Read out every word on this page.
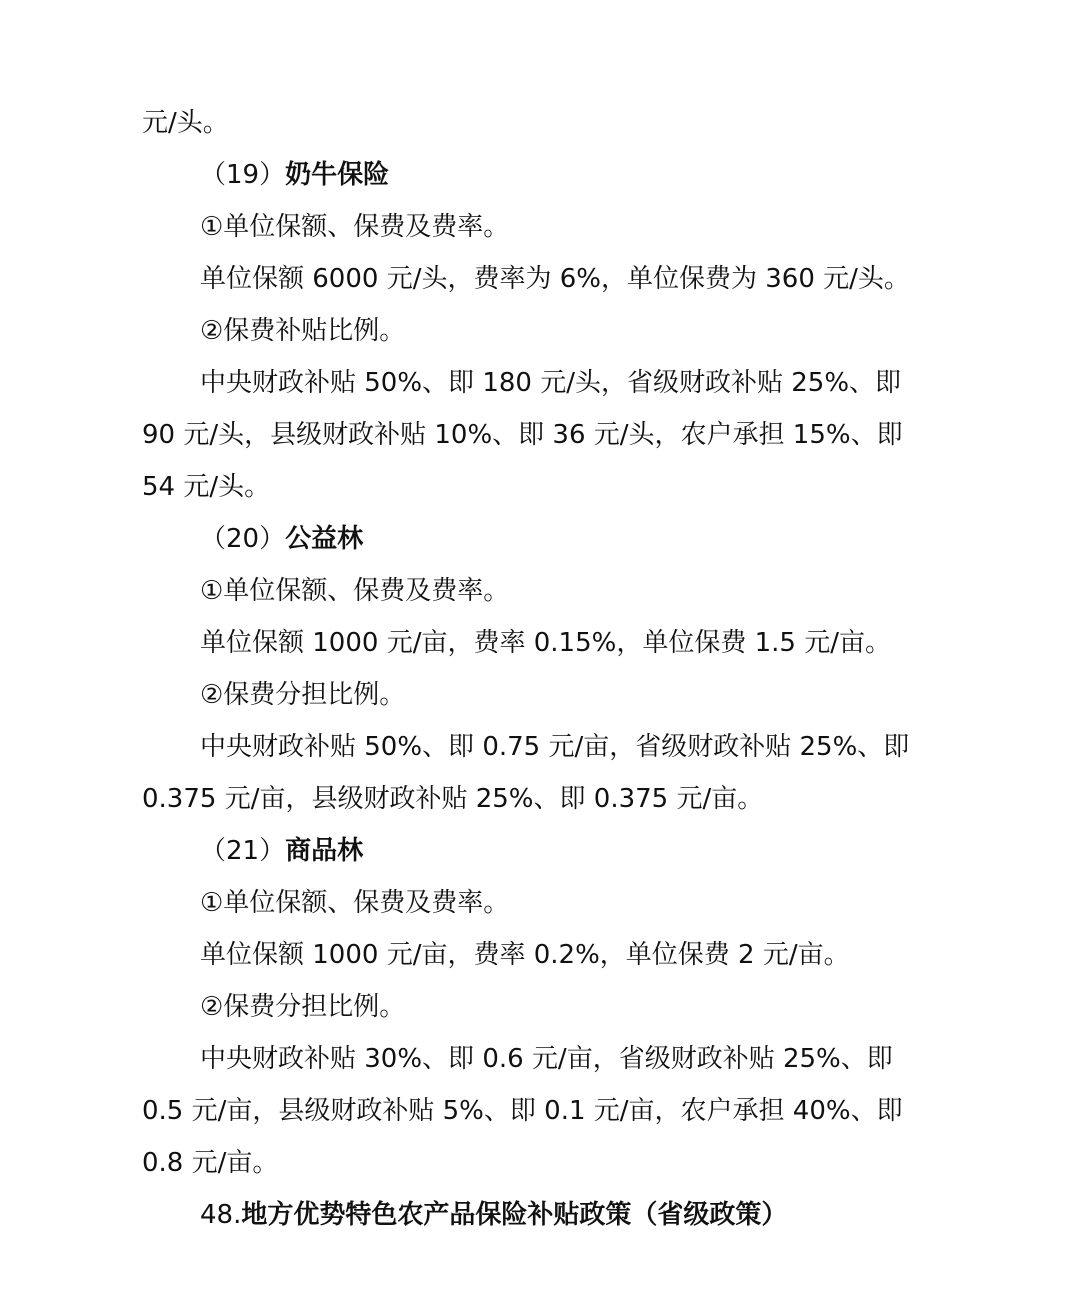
元/头。
（19）奶牛保险
①单位保额、保费及费率。
单位保额 6000 元/头，费率为 6%，单位保费为 360 元/头。
②保费补贴比例。
中央财政补贴 50%、即 180 元/头，省级财政补贴 25%、即
90 元/头，县级财政补贴 10%、即 36 元/头，农户承担 15%、即
54 元/头。
（20）公益林
①单位保额、保费及费率。
单位保额 1000 元/亩，费率 0.15%，单位保费 1.5 元/亩。
②保费分担比例。
中央财政补贴 50%、即 0.75 元/亩，省级财政补贴 25%、即
0.375 元/亩，县级财政补贴 25%、即 0.375 元/亩。
（21）商品林
①单位保额、保费及费率。
单位保额 1000 元/亩，费率 0.2%，单位保费 2 元/亩。
②保费分担比例。
中央财政补贴 30%、即 0.6 元/亩，省级财政补贴 25%、即
0.5 元/亩，县级财政补贴 5%、即 0.1 元/亩，农户承担 40%、即
0.8 元/亩。
48.地方优势特色农产品保险补贴政策（省级政策）
